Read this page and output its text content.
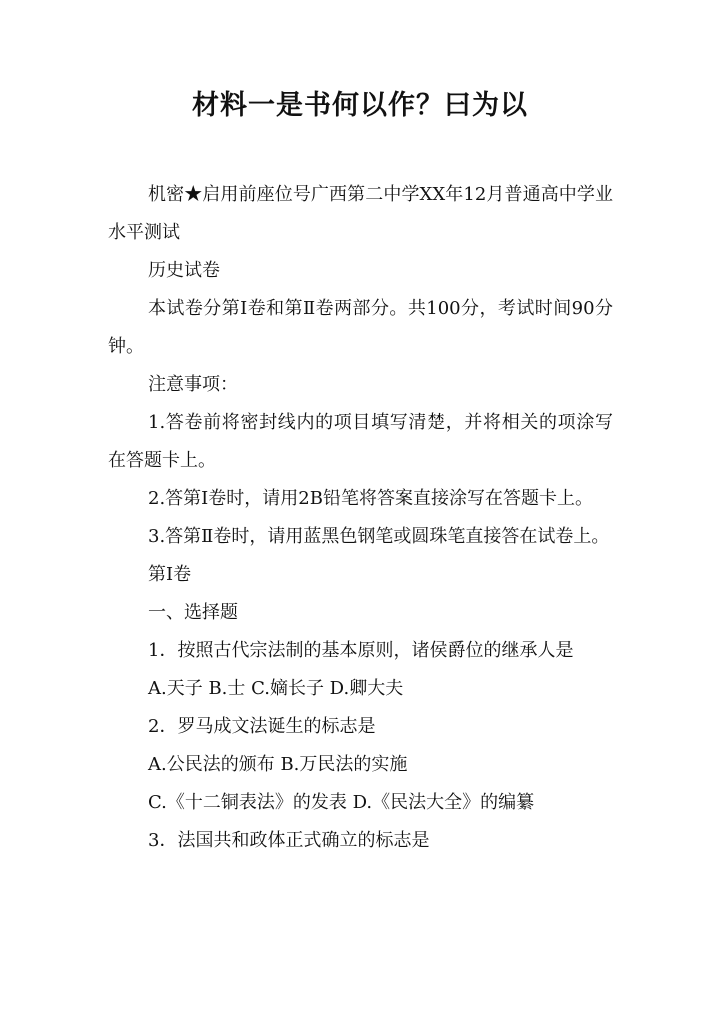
材料一是书何以作？曰为以

机密★启用前座位号广西第二中学XX年12月普通高中学业水平测试

历史试卷

本试卷分第Ⅰ卷和第Ⅱ卷两部分。共100分，考试时间90分钟。

注意事项：

1.答卷前将密封线内的项目填写清楚，并将相关的项涂写在答题卡上。

2.答第Ⅰ卷时，请用2B铅笔将答案直接涂写在答题卡上。

3.答第Ⅱ卷时，请用蓝黑色钢笔或圆珠笔直接答在试卷上。

第Ⅰ卷

一、选择题

1．按照古代宗法制的基本原则，诸侯爵位的继承人是

A.天子 B.士 C.嫡长子 D.卿大夫

2．罗马成文法诞生的标志是

A.公民法的颁布 B.万民法的实施

C.《十二铜表法》的发表 D.《民法大全》的编纂

3．法国共和政体正式确立的标志是
